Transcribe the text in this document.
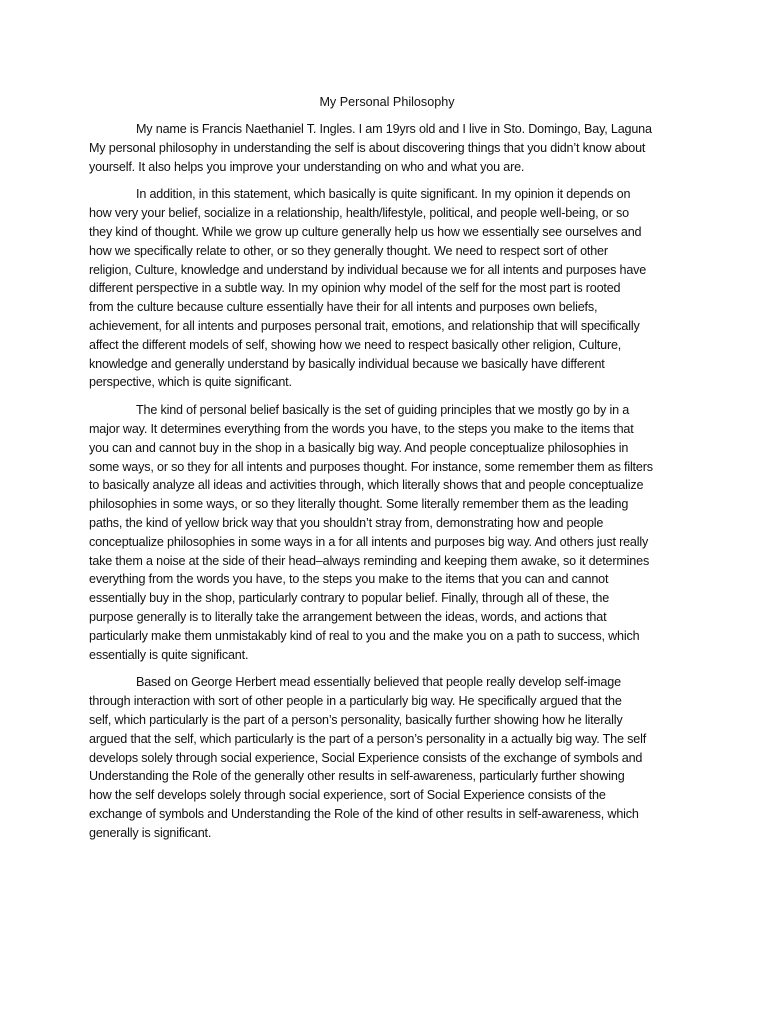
My Personal Philosophy
My name is Francis Naethaniel T. Ingles. I am 19yrs old and I live in Sto. Domingo, Bay, Laguna
My personal philosophy in understanding the self is about discovering things that you didn’t know about
yourself. It also helps you improve your understanding on who and what you are.
In addition, in this statement, which basically is quite significant. In my opinion it depends on
how very your belief, socialize in a relationship, health/lifestyle, political, and people well-being, or so
they kind of thought. While we grow up culture generally help us how we essentially see ourselves and
how we specifically relate to other, or so they generally thought. We need to respect sort of other
religion, Culture, knowledge and understand by individual because we for all intents and purposes have
different perspective in a subtle way. In my opinion why model of the self for the most part is rooted
from the culture because culture essentially have their for all intents and purposes own beliefs,
achievement, for all intents and purposes personal trait, emotions, and relationship that will specifically
affect the different models of self, showing how we need to respect basically other religion, Culture,
knowledge and generally understand by basically individual because we basically have different
perspective, which is quite significant.
The kind of personal belief basically is the set of guiding principles that we mostly go by in a
major way. It determines everything from the words you have, to the steps you make to the items that
you can and cannot buy in the shop in a basically big way. And people conceptualize philosophies in
some ways, or so they for all intents and purposes thought. For instance, some remember them as filters
to basically analyze all ideas and activities through, which literally shows that and people conceptualize
philosophies in some ways, or so they literally thought. Some literally remember them as the leading
paths, the kind of yellow brick way that you shouldn’t stray from, demonstrating how and people
conceptualize philosophies in some ways in a for all intents and purposes big way. And others just really
take them a noise at the side of their head–always reminding and keeping them awake, so it determines
everything from the words you have, to the steps you make to the items that you can and cannot
essentially buy in the shop, particularly contrary to popular belief. Finally, through all of these, the
purpose generally is to literally take the arrangement between the ideas, words, and actions that
particularly make them unmistakably kind of real to you and the make you on a path to success, which
essentially is quite significant.
Based on George Herbert mead essentially believed that people really develop self-image
through interaction with sort of other people in a particularly big way. He specifically argued that the
self, which particularly is the part of a person’s personality, basically further showing how he literally
argued that the self, which particularly is the part of a person’s personality in a actually big way. The self
develops solely through social experience, Social Experience consists of the exchange of symbols and
Understanding the Role of the generally other results in self-awareness, particularly further showing
how the self develops solely through social experience, sort of Social Experience consists of the
exchange of symbols and Understanding the Role of the kind of other results in self-awareness, which
generally is significant.
